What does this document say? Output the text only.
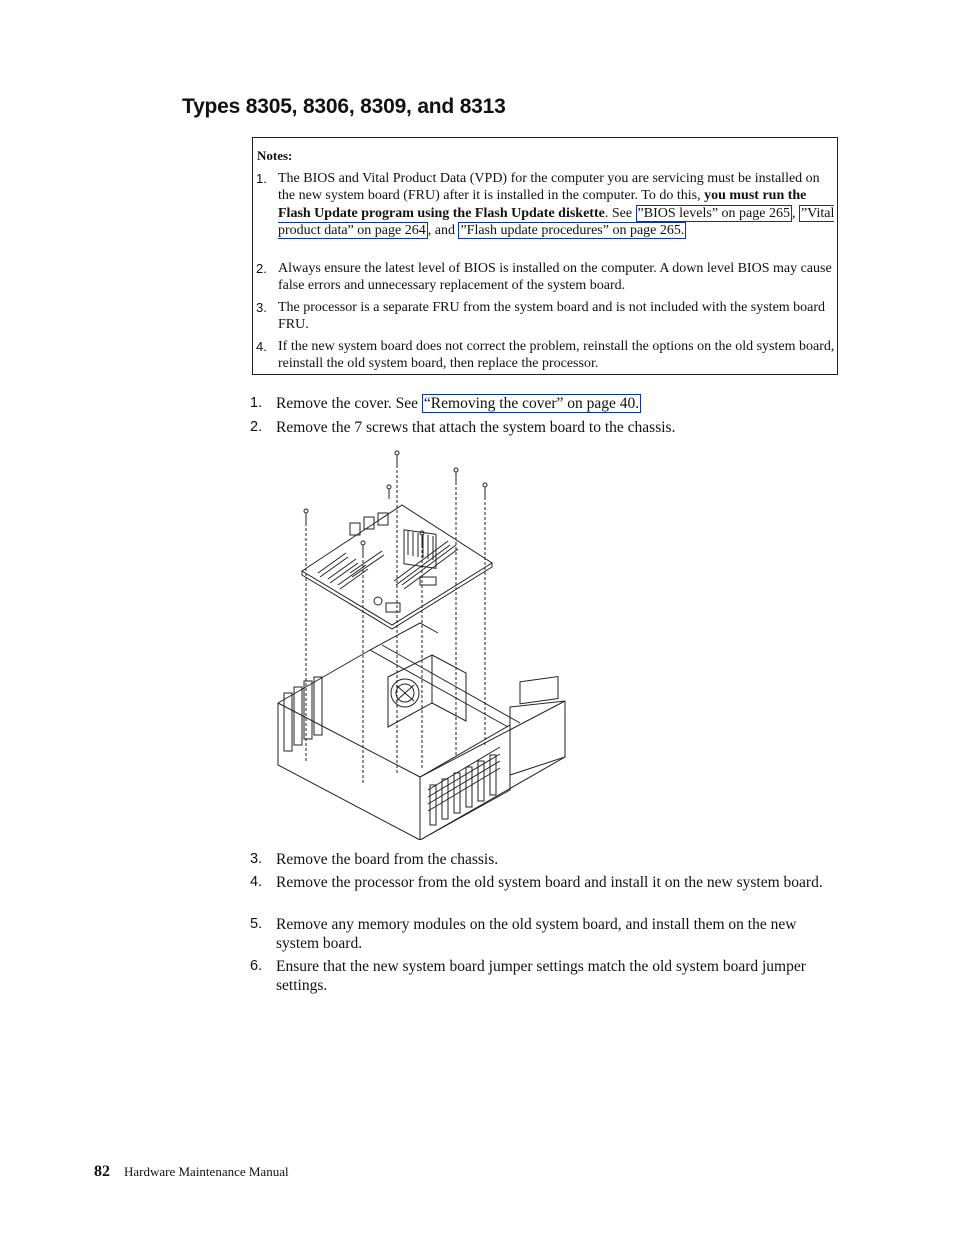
Types 8305, 8306, 8309, and 8313
Notes:
1. The BIOS and Vital Product Data (VPD) for the computer you are servicing must be installed on the new system board (FRU) after it is installed in the computer. To do this, you must run the Flash Update program using the Flash Update diskette. See ”BIOS levels” on page 265 , ”Vital product data” on page 264 , and ”Flash update procedures” on page 265.
2. Always ensure the latest level of BIOS is installed on the computer. A down level BIOS may cause false errors and unnecessary replacement of the system board.
3. The processor is a separate FRU from the system board and is not included with the system board FRU.
4. If the new system board does not correct the problem, reinstall the options on the old system board, reinstall the old system board, then replace the processor.
1. Remove the cover. See “Removing the cover” on page 40.
2. Remove the 7 screws that attach the system board to the chassis.
3. Remove the board from the chassis.
4. Remove the processor from the old system board and install it on the new system board.
5. Remove any memory modules on the old system board, and install them on the new system board.
6. Ensure that the new system board jumper settings match the old system board jumper settings.
82 Hardware Maintenance Manual
